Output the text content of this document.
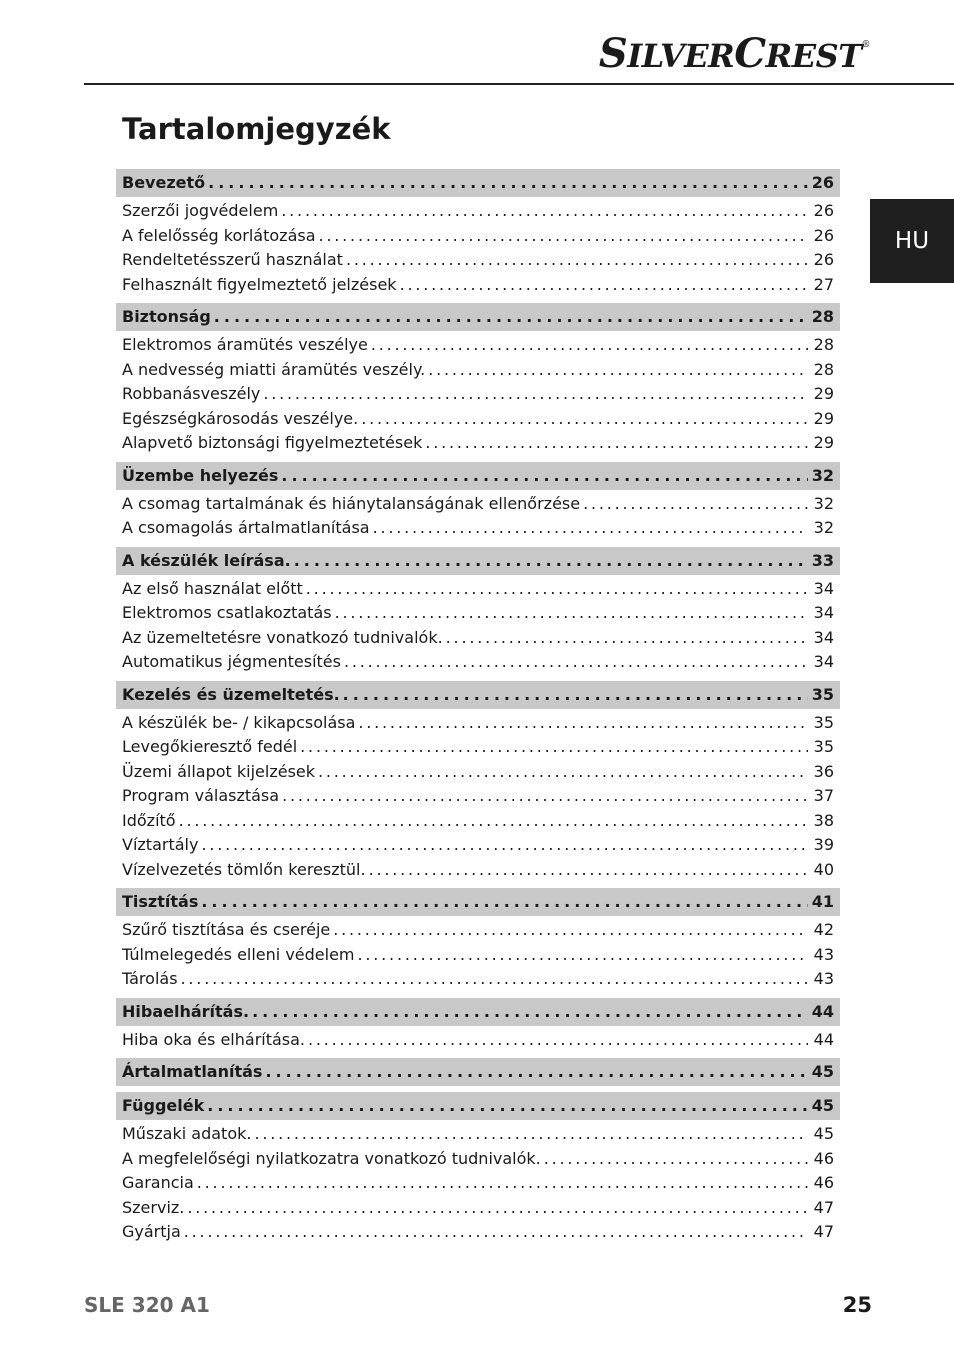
SILVERCREST®
HU
Tartalomjegyzék
Bevezető .....	26
Szerzői jogvédelem .....	26
A felelősség korlátozása .....	26
Rendeltetésszerű használat .....	26
Felhasznált figyelmeztető jelzések .....	27
Biztonság .....	28
Elektromos áramütés veszélye .....	28
A nedvesség miatti áramütés veszély. .....	28
Robbanásveszély .....	29
Egészségkárosodás veszélye. .....	29
Alapvető biztonsági figyelmeztetések .....	29
Üzembe helyezés .....	32
A csomag tartalmának és hiánytalanságának ellenőrzése .....	32
A csomagolás ártalmatlanítása .....	32
A készülék leírása. .....	33
Az első használat előtt .....	34
Elektromos csatlakoztatás .....	34
Az üzemeltetésre vonatkozó tudnivalók. .....	34
Automatikus jégmentesítés .....	34
Kezelés és üzemeltetés. .....	35
A készülék be- / kikapcsolása .....	35
Levegőkieresztő fedél .....	35
Üzemi állapot kijelzések .....	36
Program választása .....	37
Időzítő .....	38
Víztartály .....	39
Vízelvezetés tömlőn keresztül. .....	40
Tisztítás .....	41
Szűrő tisztítása és cseréje .....	42
Túlmelegedés elleni védelem .....	43
Tárolás .....	43
Hibaelhárítás. .....	44
Hiba oka és elhárítása. .....	44
Ártalmatlanítás .....	45
Függelék .....	45
Műszaki adatok. .....	45
A megfelelőségi nyilatkozatra vonatkozó tudnivalók. .....	46
Garancia .....	46
Szerviz. .....	47
Gyártja .....	47
SLE 320 A1	25
